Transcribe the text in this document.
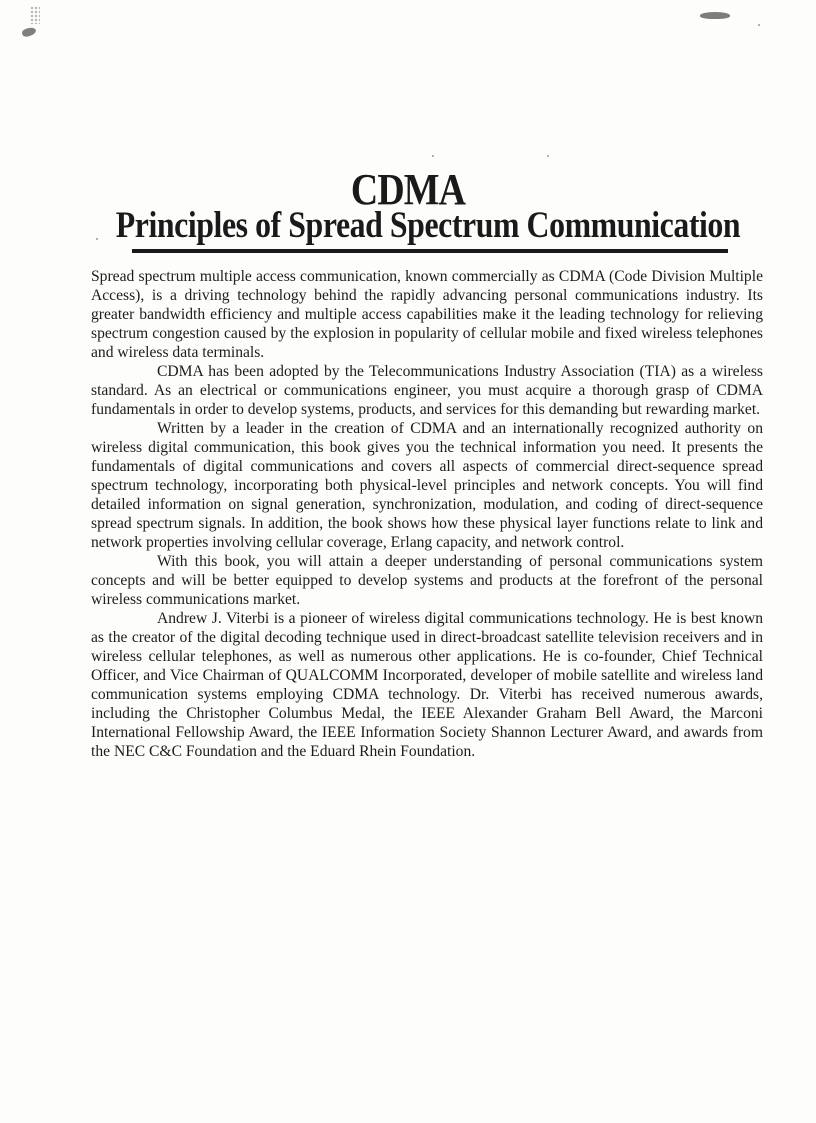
CDMA
Principles of Spread Spectrum Communication

Spread spectrum multiple access communication, known commercially as CDMA (Code Division Multiple Access), is a driving technology behind the rapidly advancing personal communications industry. Its greater bandwidth efficiency and multiple access capabilities make it the leading technology for relieving spectrum congestion caused by the explosion in popularity of cellular mobile and fixed wireless telephones and wireless data terminals.

CDMA has been adopted by the Telecommunications Industry Association (TIA) as a wireless standard. As an electrical or communications engineer, you must acquire a thorough grasp of CDMA fundamentals in order to develop systems, products, and services for this demanding but rewarding market.

Written by a leader in the creation of CDMA and an internationally recognized authority on wireless digital communication, this book gives you the technical information you need. It presents the fundamentals of digital communications and covers all aspects of commercial direct-sequence spread spectrum technology, incorporating both physical-level principles and network concepts. You will find detailed information on signal generation, synchronization, modulation, and coding of direct-sequence spread spectrum signals. In addition, the book shows how these physical layer functions relate to link and network properties involving cellular coverage, Erlang capacity, and network control.

With this book, you will attain a deeper understanding of personal communications system concepts and will be better equipped to develop systems and products at the forefront of the personal wireless communications market.

Andrew J. Viterbi is a pioneer of wireless digital communications technology. He is best known as the creator of the digital decoding technique used in direct-broadcast satellite television receivers and in wireless cellular telephones, as well as numerous other applications. He is co-founder, Chief Technical Officer, and Vice Chairman of QUALCOMM Incorporated, developer of mobile satellite and wireless land communication systems employing CDMA technology. Dr. Viterbi has received numerous awards, including the Christopher Columbus Medal, the IEEE Alexander Graham Bell Award, the Marconi International Fellowship Award, the IEEE Information Society Shannon Lecturer Award, and awards from the NEC C&C Foundation and the Eduard Rhein Foundation.
